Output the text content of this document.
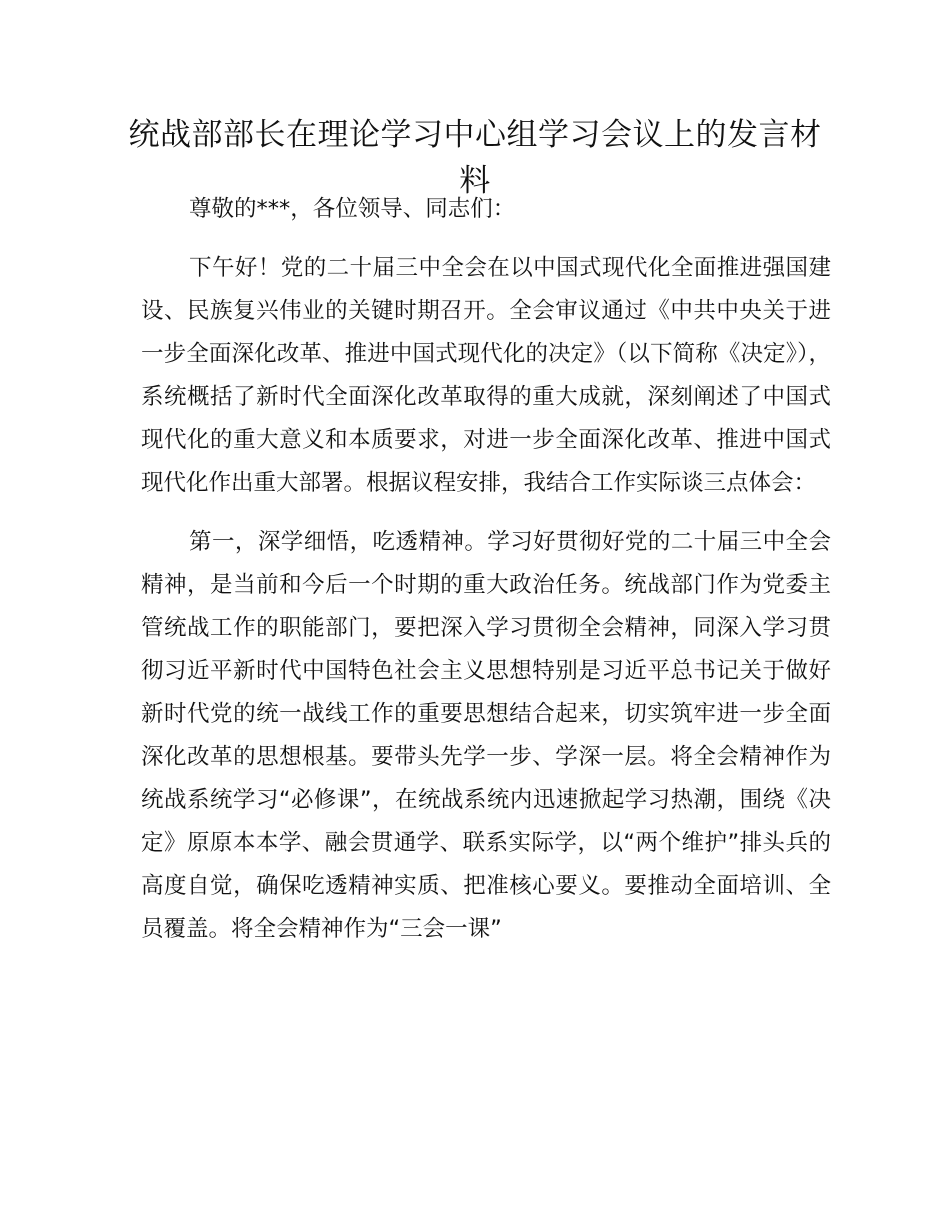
统战部部长在理论学习中心组学习会议上的发言材料

尊敬的***，各位领导、同志们：

下午好！党的二十届三中全会在以中国式现代化全面推进强国建设、民族复兴伟业的关键时期召开。全会审议通过《中共中央关于进一步全面深化改革、推进中国式现代化的决定》（以下简称《决定》），系统概括了新时代全面深化改革取得的重大成就，深刻阐述了中国式现代化的重大意义和本质要求，对进一步全面深化改革、推进中国式现代化作出重大部署。根据议程安排，我结合工作实际谈三点体会：

第一，深学细悟，吃透精神。学习好贯彻好党的二十届三中全会精神，是当前和今后一个时期的重大政治任务。统战部门作为党委主管统战工作的职能部门，要把深入学习贯彻全会精神，同深入学习贯彻习近平新时代中国特色社会主义思想特别是习近平总书记关于做好新时代党的统一战线工作的重要思想结合起来，切实筑牢进一步全面深化改革的思想根基。要带头先学一步、学深一层。将全会精神作为统战系统学习“必修课”，在统战系统内迅速掀起学习热潮，围绕《决定》原原本本学、融会贯通学、联系实际学，以“两个维护”排头兵的高度自觉，确保吃透精神实质、把准核心要义。要推动全面培训、全员覆盖。将全会精神作为“三会一课”
